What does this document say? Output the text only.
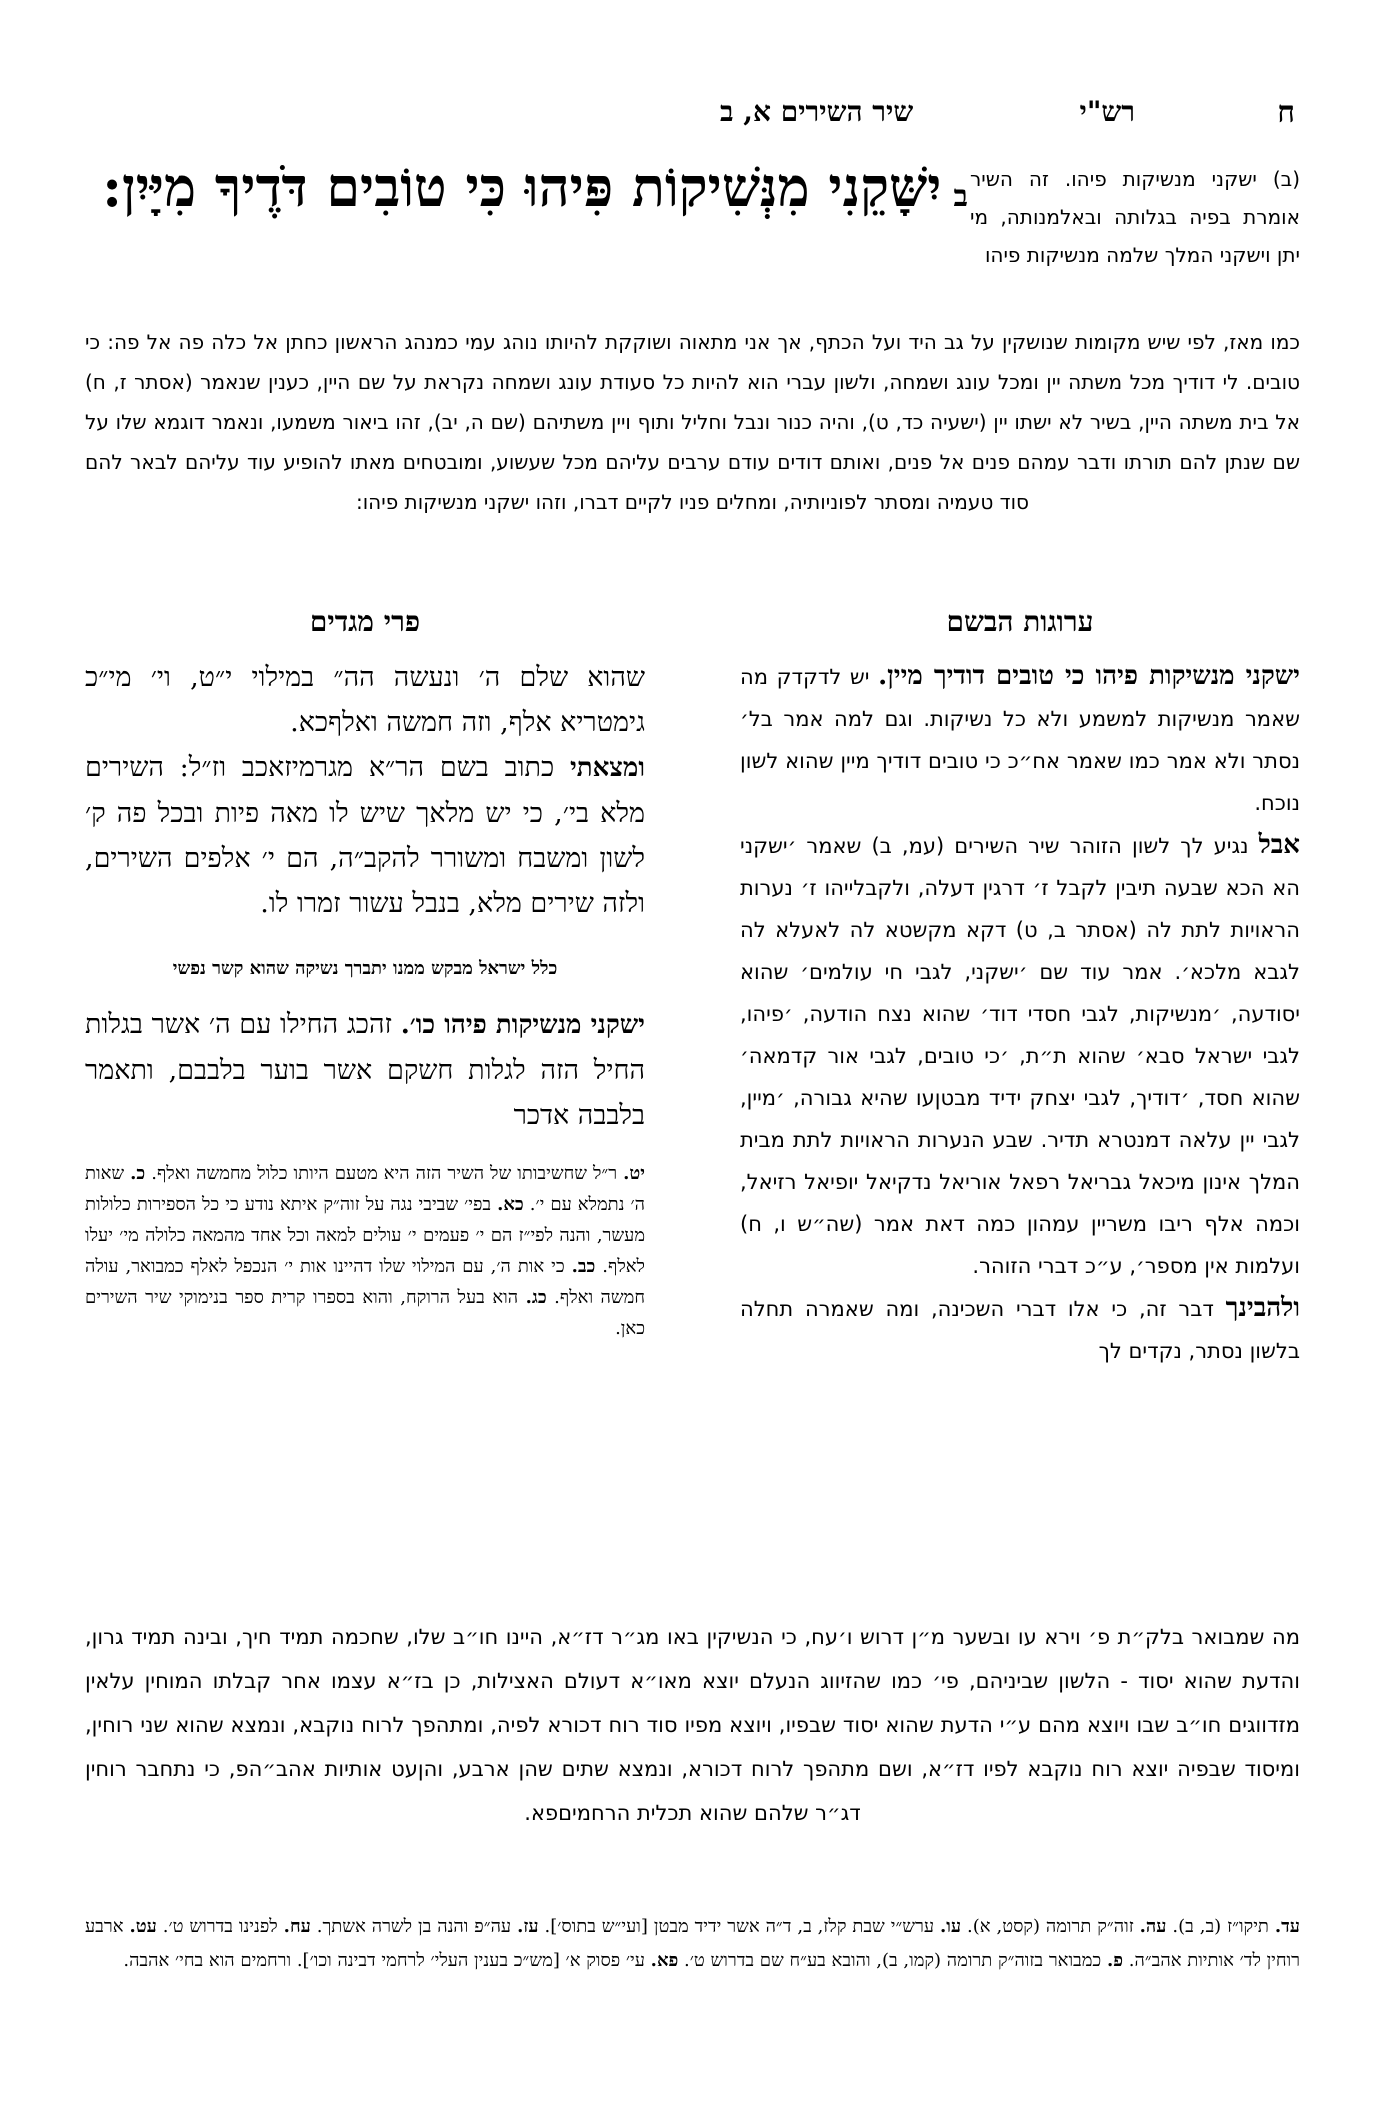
ח
רש"י
שיר השירים א, ב
ביִשָּׁקֵנִי מִנְּשִׁיקוֹת פִּיהוּ כִּי טוֹבִים דֹּדֶיךָ מִיָּיִן:	(ב) ישקני מנשיקות פיהו. זה השיר אומרת בפיה בגלותה ובאלמנותה, מי יתן וישקני המלך שלמה מנשיקות פיהו
כמו מאז, לפי שיש מקומות שנושקין על גב היד ועל הכתף, אך אני מתאוה ושוקקת להיותו נוהג עמי כמנהג הראשון כחתן אל כלה פה אל פה: כי טובים. לי דודיך מכל משתה יין ומכל עונג ושמחה, ולשון עברי הוא להיות כל סעודת עונג ושמחה נקראת על שם היין, כענין שנאמר (אסתר ז, ח) אל בית משתה היין, בשיר לא ישתו יין (ישעיה כד, ט), והיה כנור ונבל וחליל ותוף ויין משתיהם (שם ה, יב), זהו ביאור משמעו, ונאמר דוגמא שלו על שם שנתן להם תורתו ודבר עמהם פנים אל פנים, ואותם דודים עודם ערבים עליהם מכל שעשוע, ומובטחים מאתו להופיע עוד עליהם לבאר להם סוד טעמיה ומסתר לפוניותיה, ומחלים פניו לקיים דברו, וזהו ישקני מנשיקות פיהו:
ערוגות הבשם
פרי מגדים
ישקני מנשיקות פיהו כי טובים דודיך מיין. יש לדקדק מה שאמר מנשיקות למשמע ולא כל נשיקות. וגם למה אמר בל׳ נסתר ולא אמר כמו שאמר אח״כ כי טובים דודיך מיין שהוא לשון נוכח.
אבל נגיע לך לשון הזוהר שיר השירים (עמ, ב) שאמר ׳ישקני הא הכא שבעה תיבין לקבל ז׳ דרגין דעלה, ולקבלייהו ז׳ נערות הראויות לתת לה (אסתר ב, ט) דקא מקשטא לה לאעלא לה לגבא מלכא׳. אמר עוד שם ׳ישקני, לגבי חי עולמים׳ שהוא יסודעה, ׳מנשיקות, לגבי חסדי דוד׳ שהוא נצח הודעה, ׳פיהו, לגבי ישראל סבא׳ שהוא ת״ת, ׳כי טובים, לגבי אור קדמאה׳ שהוא חסד, ׳דודיך, לגבי יצחק ידיד מבטןעו שהיא גבורה, ׳מיין, לגבי יין עלאה דמנטרא תדיר. שבע הנערות הראויות לתת מבית המלך אינון מיכאל גבריאל רפאל אוריאל נדקיאל יופיאל רזיאל, וכמה אלף ריבו משריין עמהון כמה דאת אמר (שה״ש ו, ח) ועלמות אין מספר׳, ע״כ דברי הזוהר.
ולהבינך דבר זה, כי אלו דברי השכינה, ומה שאמרה תחלה בלשון נסתר, נקדים לך
שהוא שלם ה׳ ונעשה הה״ במילוי י״ט, וי׳ מי״כ גימטריא אלף, וזה חמשה ואלףכא.
ומצאתי כתוב בשם הר״א מגרמיזאכב וז״ל: השירים מלא בי׳, כי יש מלאך שיש לו מאה פיות ובכל פה ק׳ לשון ומשבח ומשורר להקב״ה, הם י׳ אלפים השירים, ולזה שירים מלא, בנבל עשור זמרו לו.
כלל ישראל מבקש ממנו יתברך נשיקה שהוא קשר נפשי
ישקני מנשיקות פיהו כו׳. זהכג החילו עם ה׳ אשר בגלות החיל הזה לגלות חשקם אשר בוער בלבבם, ותאמר בלבבה אדכר
יט. ר״ל שחשיבותו של השיר הזה היא מטעם היותו כלול מחמשה ואלף. כ. שאות ה׳ נתמלא עם י׳. כא. בפי׳ שביבי נגה על זוה״ק איתא נודע כי כל הספירות כלולות מעשר, והנה לפי״ז הם י׳ פעמים י׳ עולים למאה וכל אחד מהמאה כלולה מי׳ יעלו לאלף. כב. כי אות ה׳, עם המילוי שלו דהיינו אות י׳ הנכפל לאלף כמבואר, עולה חמשה ואלף. כג. הוא בעל הרוקח, והוא בספרו קרית ספר בנימוקי שיר השירים כאן.
מה שמבואר בלק״ת פ׳ וירא עו ובשער מ״ן דרוש ו׳עח, כי הנשיקין באו מג״ר דז״א, היינו חו״ב שלו, שחכמה תמיד חיך, ובינה תמיד גרון, והדעת שהוא יסוד - הלשון שביניהם, פי׳ כמו שהזיווג הנעלם יוצא מאו״א דעולם האצילות, כן בז״א עצמו אחר קבלתו המוחין עלאין מזדווגים חו״ב שבו ויוצא מהם ע״י הדעת שהוא יסוד שבפיו, ויוצא מפיו סוד רוח דכורא לפיה, ומתהפך לרוח נוקבא, ונמצא שהוא שני רוחין, ומיסוד שבפיה יוצא רוח נוקבא לפיו דז״א, ושם מתהפך לרוח דכורא, ונמצא שתים שהן ארבע, והןעט אותיות אהב״הפ, כי נתחבר רוחין דג״ר שלהם שהוא תכלית הרחמיםפא.
עד. תיקו״ז (ב, ב). עה. זוה״ק תרומה (קסט, א). עו. ערש״י שבת קלז, ב, ד״ה אשר ידיד מבטן [ועי״ש בתוס׳]. עז. עה״פ והנה בן לשרה אשתך. עח. לפנינו בדרוש ט׳. עט. ארבע רוחין לד׳ אותיות אהב״ה. פ. כמבואר בזוה״ק תרומה (קמו, ב), והובא בע״ח שם בדרוש ט׳. פא. עי׳ פסוק א׳ [מש״כ בענין העלי׳ לרחמי דבינה וכו׳]. ורחמים הוא בחי׳ אהבה.
